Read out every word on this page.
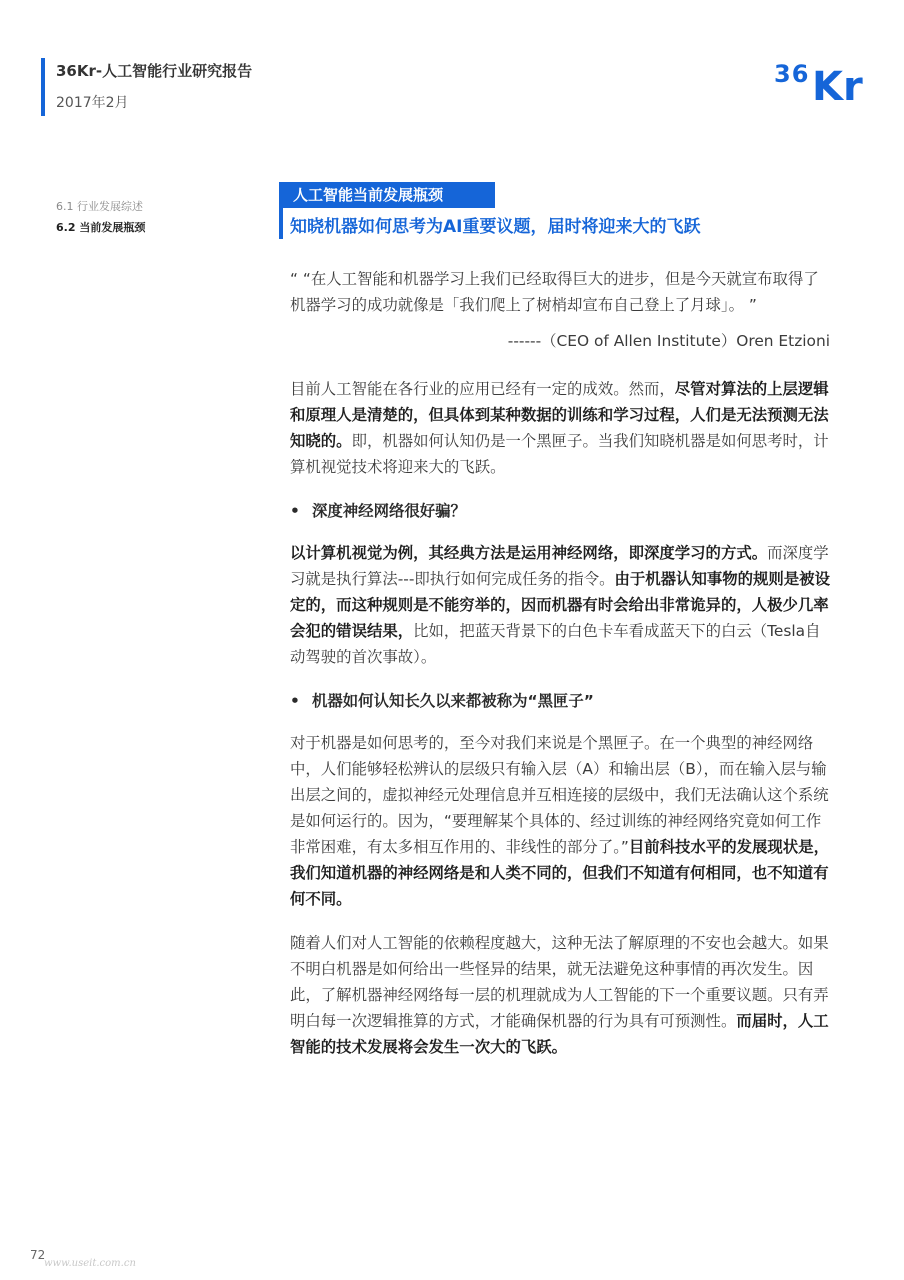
36Kr-人工智能行业研究报告
2017年2月
36 Kr
6.1 行业发展综述
6.2 当前发展瓶颈
人工智能当前发展瓶颈
知晓机器如何思考为AI重要议题，届时将迎来大的飞跃

“ “在人工智能和机器学习上我们已经取得巨大的进步，但是今天就宣布取得了机器学习的成功就像是「我们爬上了树梢却宣布自己登上了月球」。 ”

------（CEO of Allen Institute）Oren Etzioni

目前人工智能在各行业的应用已经有一定的成效。然而，尽管对算法的上层逻辑和原理人是清楚的，但具体到某种数据的训练和学习过程，人们是无法预测无法知晓的。即，机器如何认知仍是一个黑匣子。当我们知晓机器是如何思考时，计算机视觉技术将迎来大的飞跃。

• 深度神经网络很好骗？

以计算机视觉为例，其经典方法是运用神经网络，即深度学习的方式。而深度学习就是执行算法---即执行如何完成任务的指令。由于机器认知事物的规则是被设定的，而这种规则是不能穷举的，因而机器有时会给出非常诡异的，人极少几率会犯的错误结果，比如，把蓝天背景下的白色卡车看成蓝天下的白云（Tesla自动驾驶的首次事故）。

• 机器如何认知长久以来都被称为“黑匣子”

对于机器是如何思考的，至今对我们来说是个黑匣子。在一个典型的神经网络中，人们能够轻松辨认的层级只有输入层（A）和输出层（B），而在输入层与输出层之间的，虚拟神经元处理信息并互相连接的层级中，我们无法确认这个系统是如何运行的。因为，“要理解某个具体的、经过训练的神经网络究竟如何工作非常困难，有太多相互作用的、非线性的部分了。”目前科技水平的发展现状是，我们知道机器的神经网络是和人类不同的，但我们不知道有何相同，也不知道有何不同。

随着人们对人工智能的依赖程度越大，这种无法了解原理的不安也会越大。如果不明白机器是如何给出一些怪异的结果，就无法避免这种事情的再次发生。因此，了解机器神经网络每一层的机理就成为人工智能的下一个重要议题。只有弄明白每一次逻辑推算的方式，才能确保机器的行为具有可预测性。而届时，人工智能的技术发展将会发生一次大的飞跃。

72
www.useit.com.cn
